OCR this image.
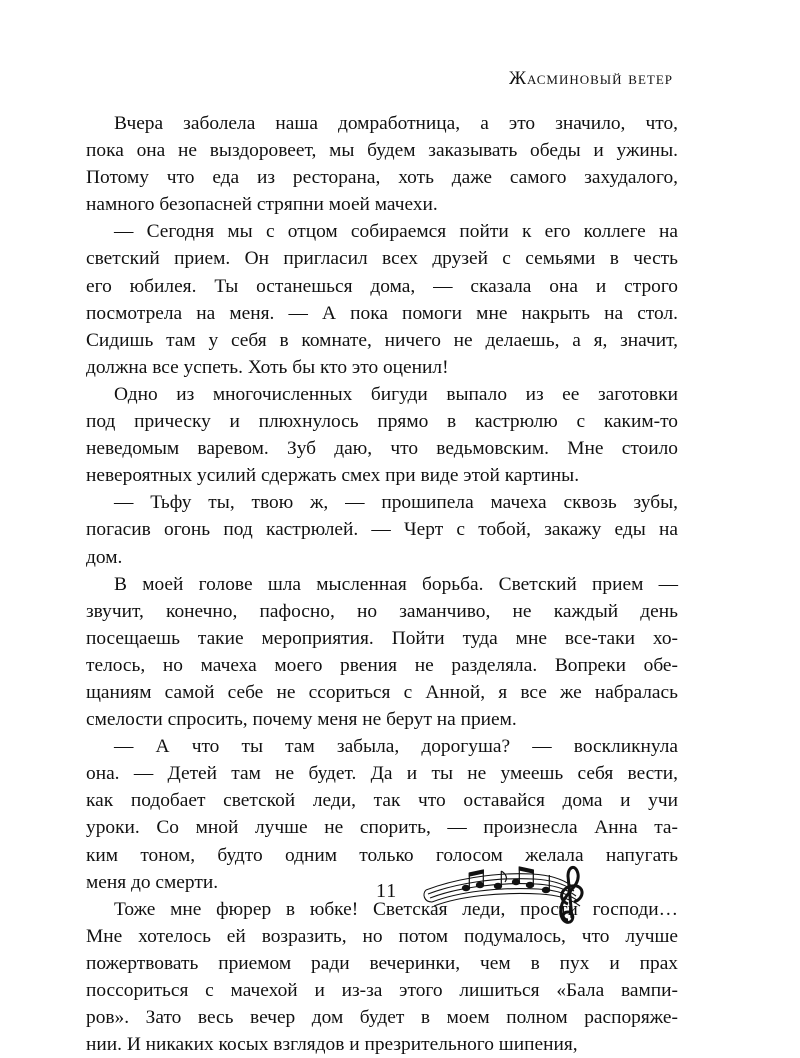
Жасминовый ветер
Вчера заболела наша домработница, а это значило, что,
пока она не выздоровеет, мы будем заказывать обеды и ужины.
Потому что еда из ресторана, хоть даже самого захудалого,
намного безопасней стряпни моей мачехи.
— Сегодня мы с отцом собираемся пойти к его коллеге на
светский прием. Он пригласил всех друзей с семьями в честь
его юбилея. Ты останешься дома, — сказала она и строго
посмотрела на меня. — А пока помоги мне накрыть на стол.
Сидишь там у себя в комнате, ничего не делаешь, а я, значит,
должна все успеть. Хоть бы кто это оценил!
Одно из многочисленных бигуди выпало из ее заготовки
под прическу и плюхнулось прямо в кастрюлю с каким-то
неведомым варевом. Зуб даю, что ведьмовским. Мне стоило
невероятных усилий сдержать смех при виде этой картины.
— Тьфу ты, твою ж, — прошипела мачеха сквозь зубы,
погасив огонь под кастрюлей. — Черт с тобой, закажу еды на
дом.
В моей голове шла мысленная борьба. Светский прием —
звучит, конечно, пафосно, но заманчиво, не каждый день
посещаешь такие мероприятия. Пойти туда мне все-таки хо-
телось, но мачеха моего рвения не разделяла. Вопреки обе-
щаниям самой себе не ссориться с Анной, я все же набралась
смелости спросить, почему меня не берут на прием.
— А что ты там забыла, дорогуша? — воскликнула
она. — Детей там не будет. Да и ты не умеешь себя вести,
как подобает светской леди, так что оставайся дома и учи
уроки. Со мной лучше не спорить, — произнесла Анна та-
ким тоном, будто одним только голосом желала напугать
меня до смерти.
Тоже мне фюрер в юбке! Светская леди, прости господи…
Мне хотелось ей возразить, но потом подумалось, что лучше
пожертвовать приемом ради вечеринки, чем в пух и прах
поссориться с мачехой и из-за этого лишиться «Бала вампи-
ров». Зато весь вечер дом будет в моем полном распоряже-
нии. И никаких косых взглядов и презрительного шипения,
11
